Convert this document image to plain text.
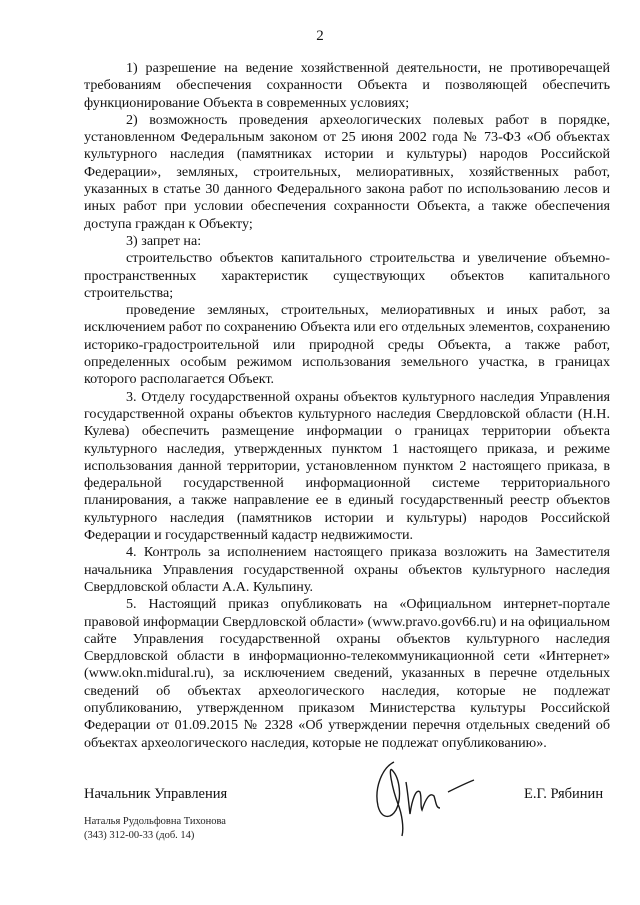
2

1) разрешение на ведение хозяйственной деятельности, не противоречащей требованиям обеспечения сохранности Объекта и позволяющей обеспечить функционирование Объекта в современных условиях;

2) возможность проведения археологических полевых работ в порядке, установленном Федеральным законом от 25 июня 2002 года № 73-ФЗ «Об объектах культурного наследия (памятниках истории и культуры) народов Российской Федерации», земляных, строительных, мелиоративных, хозяйственных работ, указанных в статье 30 данного Федерального закона работ по использованию лесов и иных работ при условии обеспечения сохранности Объекта, а также обеспечения доступа граждан к Объекту;

3) запрет на:

строительство объектов капитального строительства и увеличение объемно-пространственных характеристик существующих объектов капитального строительства;

проведение земляных, строительных, мелиоративных и иных работ, за исключением работ по сохранению Объекта или его отдельных элементов, сохранению историко-градостроительной или природной среды Объекта, а также работ, определенных особым режимом использования земельного участка, в границах которого располагается Объект.

3. Отделу государственной охраны объектов культурного наследия Управления государственной охраны объектов культурного наследия Свердловской области (Н.Н. Кулева) обеспечить размещение информации о границах территории объекта культурного наследия, утвержденных пунктом 1 настоящего приказа, и режиме использования данной территории, установленном пунктом 2 настоящего приказа, в федеральной государственной информационной системе территориального планирования, а также направление ее в единый государственный реестр объектов культурного наследия (памятников истории и культуры) народов Российской Федерации и государственный кадастр недвижимости.

4. Контроль за исполнением настоящего приказа возложить на Заместителя начальника Управления государственной охраны объектов культурного наследия Свердловской области А.А. Кульпину.

5. Настоящий приказ опубликовать на «Официальном интернет-портале правовой информации Свердловской области» (www.pravo.gov66.ru) и на официальном сайте Управления государственной охраны объектов культурного наследия Свердловской области в информационно-телекоммуникационной сети «Интернет» (www.okn.midural.ru), за исключением сведений, указанных в перечне отдельных сведений об объектах археологического наследия, которые не подлежат опубликованию, утвержденном приказом Министерства культуры Российской Федерации от 01.09.2015 № 2328 «Об утверждении перечня отдельных сведений об объектах археологического наследия, которые не подлежат опубликованию».

Начальник Управления	Е.Г. Рябинин
Наталья Рудольфовна Тихонова
(343) 312-00-33 (доб. 14)
